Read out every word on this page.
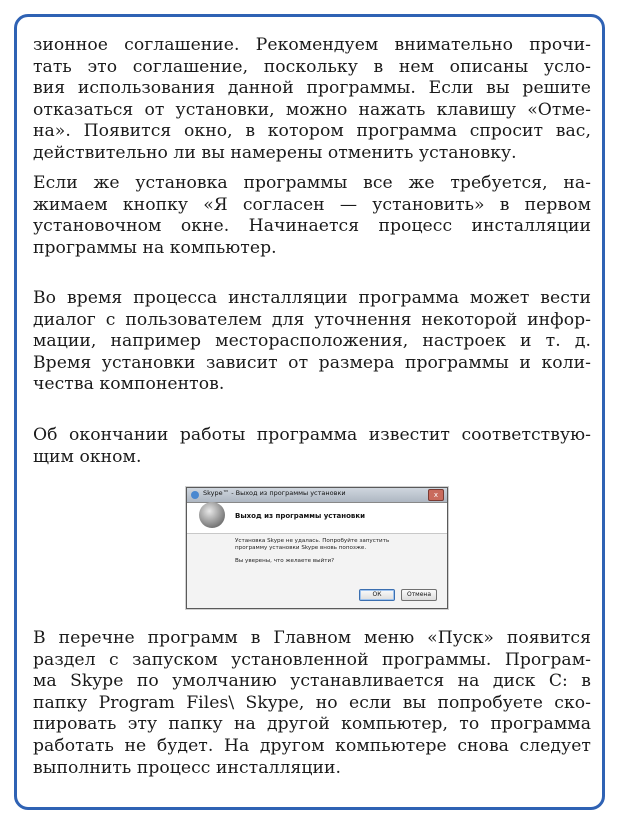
зионное соглашение. Рекомендуем внимательно прочи-
тать это соглашение, поскольку в нем описаны усло-
вия использования данной программы. Если вы решите
отказаться от установки, можно нажать клавишу «Отме-
на». Появится окно, в котором программа спросит вас,
действительно ли вы намерены отменить установку.
Если же установка программы все же требуется, на-
жимаем кнопку «Я согласен — установить» в первом
установочном окне. Начинается процесс инсталляции
программы на компьютер.
Во время процесса инсталляции программа может вести
диалог с пользователем для уточнення некоторой инфор-
мации, например месторасположения, настроек и т. д.
Время установки зависит от размера программы и коли-
чества компонентов.
Об окончании работы программа известит соответствую-
щим окном.
Skype™ - Выход из программы установки	x
Выход из программы установки

Установка Skype не удалась. Попробуйте запустить
программу установки Skype вновь попозже.

Вы уверены, что желаете выйти?

ОК	Отмена
В перечне программ в Главном меню «Пуск» появится
раздел с запуском установленной программы. Програм-
ма Skype по умолчанию устанавливается на диск С: в
папку Program Files\ Skype, но если вы попробуете ско-
пировать эту папку на другой компьютер, то программа
работать не будет. На другом компьютере снова следует
выполнить процесс инсталляции.
